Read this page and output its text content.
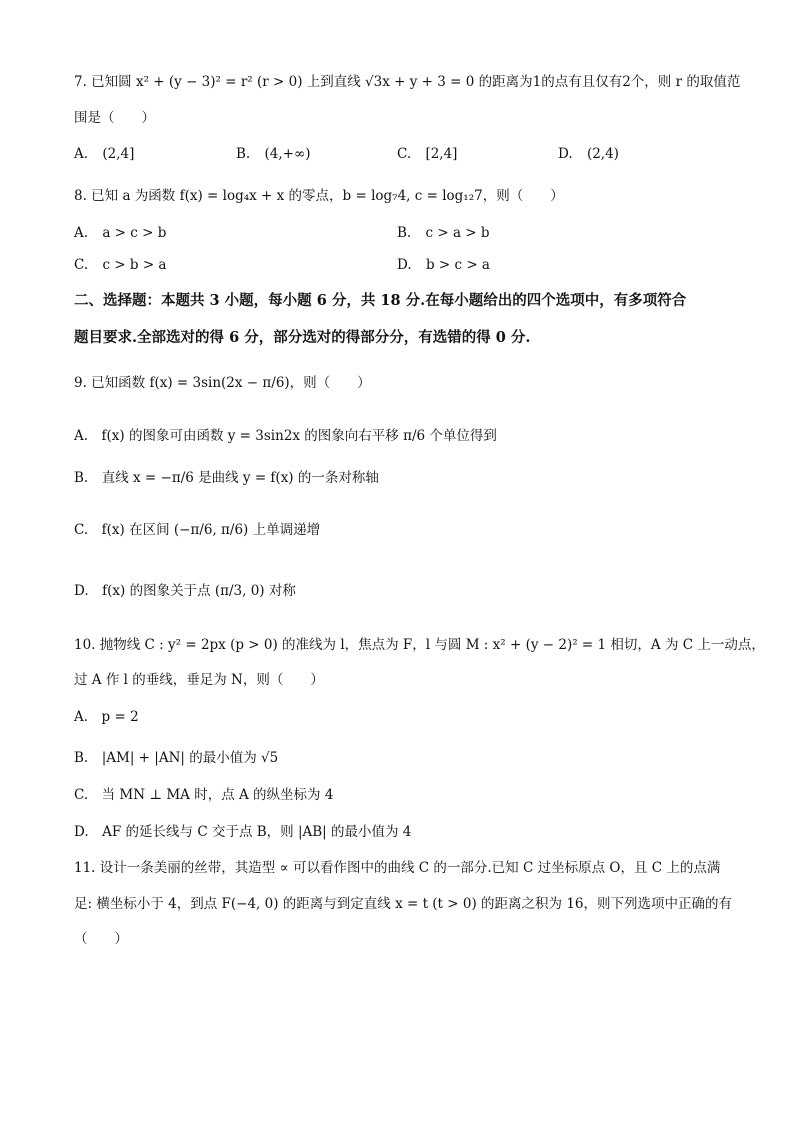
7. 已知圆 x² + (y − 3)² = r² (r > 0) 上到直线 √3x + y + 3 = 0 的距离为1的点有且仅有2个，则 r 的取值范
围是（　　）
A. (2,4]	B. (4,+∞)	C. [2,4]	D. (2,4)
8. 已知 a 为函数 f(x) = log₄x + x 的零点，b = log₇4, c = log₁₂7，则（　　）
A. a > c > b	B. c > a > b
C. c > b > a	D. b > c > a
二、选择题：本题共 3 小题，每小题 6 分，共 18 分.在每小题给出的四个选项中，有多项符合
题目要求.全部选对的得 6 分，部分选对的得部分分，有选错的得 0 分.
9. 已知函数 f(x) = 3sin(2x − π/6)，则（　　）
A.　f(x) 的图象可由函数 y = 3sin2x 的图象向右平移 π/6 个单位得到
B.　直线 x = −π/6 是曲线 y = f(x) 的一条对称轴
C.　f(x) 在区间 (−π/6, π/6) 上单调递增
D.　f(x) 的图象关于点 (π/3, 0) 对称
10. 抛物线 C : y² = 2px (p > 0) 的准线为 l，焦点为 F，l 与圆 M : x² + (y − 2)² = 1 相切，A 为 C 上一动点，
过 A 作 l 的垂线，垂足为 N，则（　　）
A.　p = 2
B.　|AM| + |AN| 的最小值为 √5
C.　当 MN ⊥ MA 时，点 A 的纵坐标为 4
D.　AF 的延长线与 C 交于点 B，则 |AB| 的最小值为 4
11. 设计一条美丽的丝带，其造型 ∝ 可以看作图中的曲线 C 的一部分.已知 C 过坐标原点 O，且 C 上的点满
足: 横坐标小于 4，到点 F(−4, 0) 的距离与到定直线 x = t (t > 0) 的距离之积为 16，则下列选项中正确的有
（　　）
